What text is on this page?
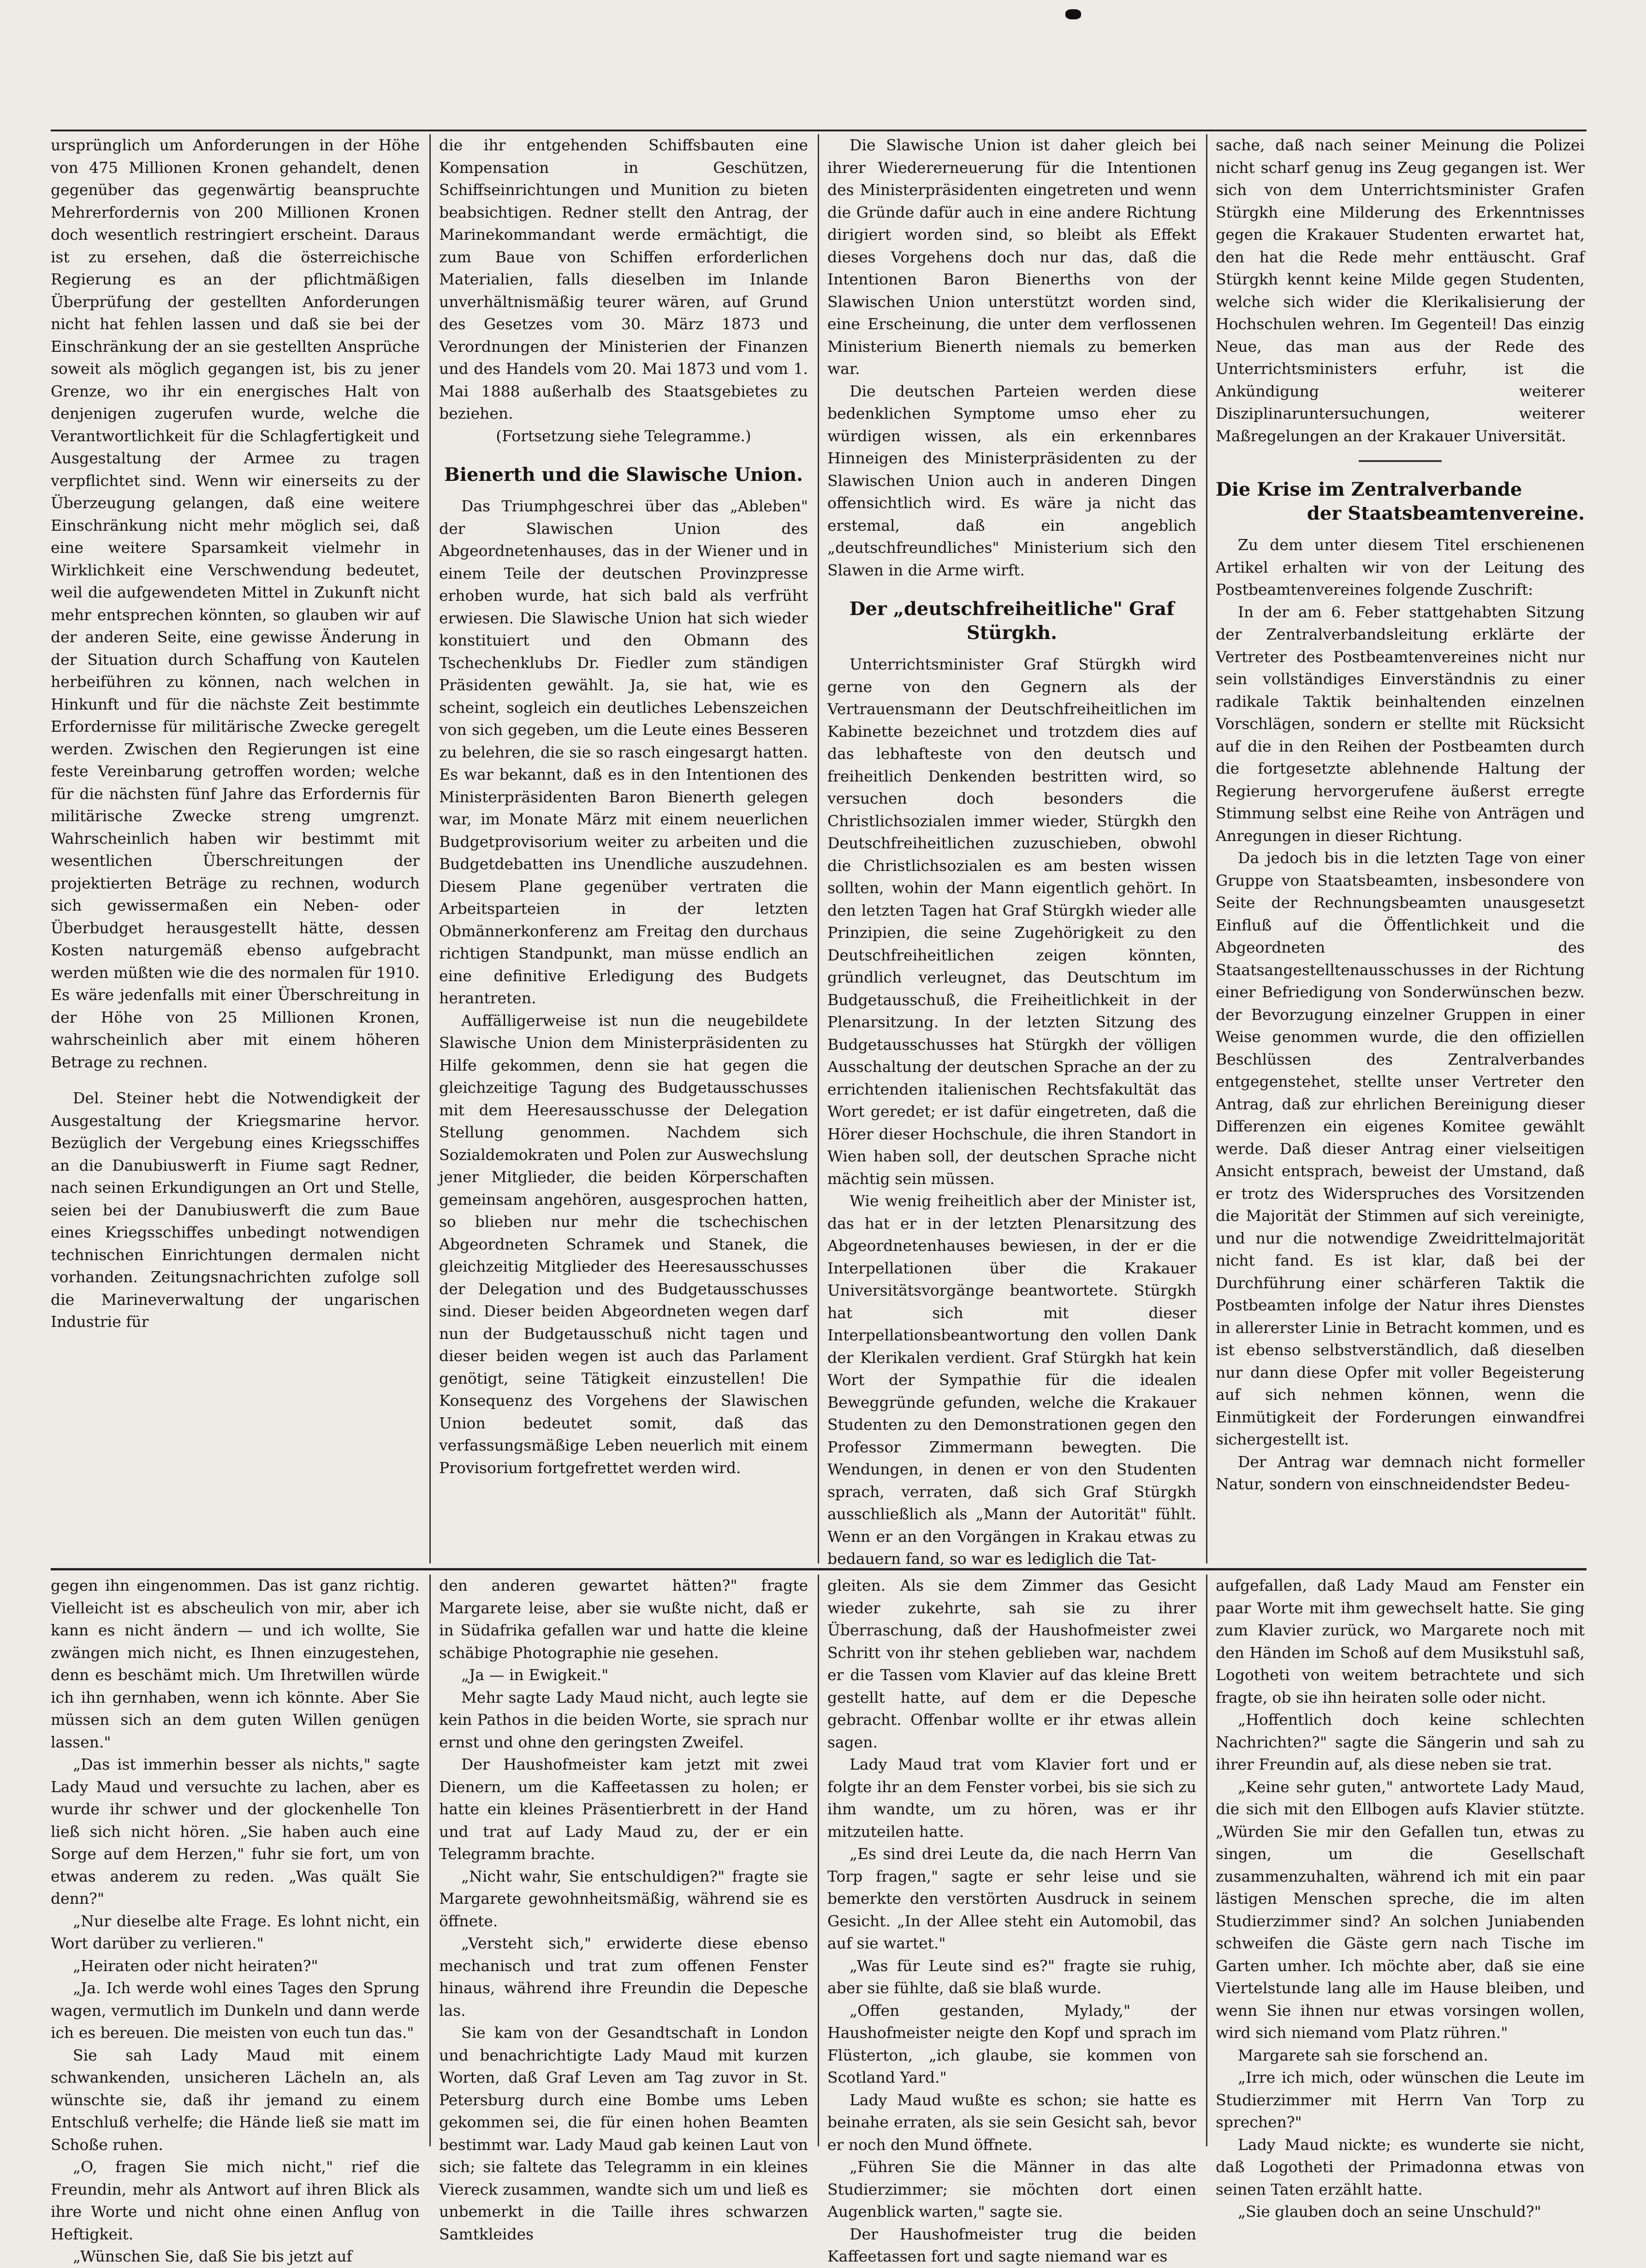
ursprünglich um Anforderungen in der Höhe von 475 Millionen Kronen gehandelt, denen gegenüber das gegenwärtig beanspruchte Mehrerfordernis von 200 Millionen Kronen doch wesentlich restringiert erscheint. Daraus ist zu ersehen, daß die österreichische Regierung es an der pflichtmäßigen Überprüfung der gestellten Anforderungen nicht hat fehlen lassen und daß sie bei der Einschränkung der an sie gestellten Ansprüche soweit als möglich gegangen ist, bis zu jener Grenze, wo ihr ein energisches Halt von denjenigen zugerufen wurde, welche die Verantwortlichkeit für die Schlagfertigkeit und Ausgestaltung der Armee zu tragen verpflichtet sind. Wenn wir einerseits zu der Überzeugung gelangen, daß eine weitere Einschränkung nicht mehr möglich sei, daß eine weitere Sparsamkeit vielmehr in Wirklichkeit eine Verschwendung bedeutet, weil die aufgewendeten Mittel in Zukunft nicht mehr entsprechen könnten, so glauben wir auf der anderen Seite, eine gewisse Änderung in der Situation durch Schaffung von Kautelen herbeiführen zu können, nach welchen in Hinkunft und für die nächste Zeit bestimmte Erfordernisse für militärische Zwecke geregelt werden. Zwischen den Regierungen ist eine feste Vereinbarung getroffen worden; welche für die nächsten fünf Jahre das Erfordernis für militärische Zwecke streng umgrenzt. Wahrscheinlich haben wir bestimmt mit wesentlichen Überschreitungen der projektierten Beträge zu rechnen, wodurch sich gewissermaßen ein Neben- oder Überbudget herausgestellt hätte, dessen Kosten naturgemäß ebenso aufgebracht werden müßten wie die des normalen für 1910. Es wäre jedenfalls mit einer Überschreitung in der Höhe von 25 Millionen Kronen, wahrscheinlich aber mit einem höheren Betrage zu rechnen.

Del. Steiner hebt die Notwendigkeit der Ausgestaltung der Kriegsmarine hervor. Bezüglich der Vergebung eines Kriegsschiffes an die Danubiuswerft in Fiume sagt Redner, nach seinen Erkundigungen an Ort und Stelle, seien bei der Danubiuswerft die zum Baue eines Kriegsschiffes unbedingt notwendigen technischen Einrichtungen dermalen nicht vorhanden. Zeitungsnachrichten zufolge soll die Marineverwaltung der ungarischen Industrie für

die ihr entgehenden Schiffsbauten eine Kompensation in Geschützen, Schiffseinrichtungen und Munition zu bieten beabsichtigen. Redner stellt den Antrag, der Marinekommandant werde ermächtigt, die zum Baue von Schiffen erforderlichen Materialien, falls dieselben im Inlande unverhältnismäßig teurer wären, auf Grund des Gesetzes vom 30. März 1873 und Verordnungen der Ministerien der Finanzen und des Handels vom 20. Mai 1873 und vom 1. Mai 1888 außerhalb des Staatsgebietes zu beziehen.

(Fortsetzung siehe Telegramme.)

Bienerth und die Slawische Union.

Das Triumphgeschrei über das „Ableben" der Slawischen Union des Abgeordnetenhauses, das in der Wiener und in einem Teile der deutschen Provinzpresse erhoben wurde, hat sich bald als verfrüht erwiesen. Die Slawische Union hat sich wieder konstituiert und den Obmann des Tschechenklubs Dr. Fiedler zum ständigen Präsidenten gewählt. Ja, sie hat, wie es scheint, sogleich ein deutliches Lebenszeichen von sich gegeben, um die Leute eines Besseren zu belehren, die sie so rasch eingesargt hatten. Es war bekannt, daß es in den Intentionen des Ministerpräsidenten Baron Bienerth gelegen war, im Monate März mit einem neuerlichen Budgetprovisorium weiter zu arbeiten und die Budgetdebatten ins Unendliche auszudehnen. Diesem Plane gegenüber vertraten die Arbeitsparteien in der letzten Obmännerkonferenz am Freitag den durchaus richtigen Standpunkt, man müsse endlich an eine definitive Erledigung des Budgets herantreten.

Auffälligerweise ist nun die neugebildete Slawische Union dem Ministerpräsidenten zu Hilfe gekommen, denn sie hat gegen die gleichzeitige Tagung des Budgetausschusses mit dem Heeresausschusse der Delegation Stellung genommen. Nachdem sich Sozialdemokraten und Polen zur Auswechslung jener Mitglieder, die beiden Körperschaften gemeinsam angehören, ausgesprochen hatten, so blieben nur mehr die tschechischen Abgeordneten Schramek und Stanek, die gleichzeitig Mitglieder des Heeresausschusses der Delegation und des Budgetausschusses sind. Dieser beiden Abgeordneten wegen darf nun der Budgetausschuß nicht tagen und dieser beiden wegen ist auch das Parlament genötigt, seine Tätigkeit einzustellen! Die Konsequenz des Vorgehens der Slawischen Union bedeutet somit, daß das verfassungsmäßige Leben neuerlich mit einem Provisorium fortgefrettet werden wird.

Die Slawische Union ist daher gleich bei ihrer Wiedererneuerung für die Intentionen des Ministerpräsidenten eingetreten und wenn die Gründe dafür auch in eine andere Richtung dirigiert worden sind, so bleibt als Effekt dieses Vorgehens doch nur das, daß die Intentionen Baron Bienerths von der Slawischen Union unterstützt worden sind, eine Erscheinung, die unter dem verflossenen Ministerium Bienerth niemals zu bemerken war.

Die deutschen Parteien werden diese bedenklichen Symptome umso eher zu würdigen wissen, als ein erkennbares Hinneigen des Ministerpräsidenten zu der Slawischen Union auch in anderen Dingen offensichtlich wird. Es wäre ja nicht das erstemal, daß ein angeblich „deutschfreundliches" Ministerium sich den Slawen in die Arme wirft.

Der „deutschfreiheitliche" Graf Stürgkh.

Unterrichtsminister Graf Stürgkh wird gerne von den Gegnern als der Vertrauensmann der Deutschfreiheitlichen im Kabinette bezeichnet und trotzdem dies auf das lebhafteste von den deutsch und freiheitlich Denkenden bestritten wird, so versuchen doch besonders die Christlichsozialen immer wieder, Stürgkh den Deutschfreiheitlichen zuzuschieben, obwohl die Christlichsozialen es am besten wissen sollten, wohin der Mann eigentlich gehört. In den letzten Tagen hat Graf Stürgkh wieder alle Prinzipien, die seine Zugehörigkeit zu den Deutschfreiheitlichen zeigen könnten, gründlich verleugnet, das Deutschtum im Budgetausschuß, die Freiheitlichkeit in der Plenarsitzung. In der letzten Sitzung des Budgetausschusses hat Stürgkh der völligen Ausschaltung der deutschen Sprache an der zu errichtenden italienischen Rechtsfakultät das Wort geredet; er ist dafür eingetreten, daß die Hörer dieser Hochschule, die ihren Standort in Wien haben soll, der deutschen Sprache nicht mächtig sein müssen.

Wie wenig freiheitlich aber der Minister ist, das hat er in der letzten Plenarsitzung des Abgeordnetenhauses bewiesen, in der er die Interpellationen über die Krakauer Universitätsvorgänge beantwortete. Stürgkh hat sich mit dieser Interpellationsbeantwortung den vollen Dank der Klerikalen verdient. Graf Stürgkh hat kein Wort der Sympathie für die idealen Beweggründe gefunden, welche die Krakauer Studenten zu den Demonstrationen gegen den Professor Zimmermann bewegten. Die Wendungen, in denen er von den Studenten sprach, verraten, daß sich Graf Stürgkh ausschließlich als „Mann der Autorität" fühlt. Wenn er an den Vorgängen in Krakau etwas zu bedauern fand, so war es lediglich die Tat-

sache, daß nach seiner Meinung die Polizei nicht scharf genug ins Zeug gegangen ist. Wer sich von dem Unterrichtsminister Grafen Stürgkh eine Milderung des Erkenntnisses gegen die Krakauer Studenten erwartet hat, den hat die Rede mehr enttäuscht. Graf Stürgkh kennt keine Milde gegen Studenten, welche sich wider die Klerikalisierung der Hochschulen wehren. Im Gegenteil! Das einzig Neue, das man aus der Rede des Unterrichtsministers erfuhr, ist die Ankündigung weiterer Disziplinaruntersuchungen, weiterer Maßregelungen an der Krakauer Universität.

Die Krise im Zentralverbande
der Staatsbeamtenvereine.

Zu dem unter diesem Titel erschienenen Artikel erhalten wir von der Leitung des Postbeamtenvereines folgende Zuschrift:

In der am 6. Feber stattgehabten Sitzung der Zentralverbandsleitung erklärte der Vertreter des Postbeamtenvereines nicht nur sein vollständiges Einverständnis zu einer radikale Taktik beinhaltenden einzelnen Vorschlägen, sondern er stellte mit Rücksicht auf die in den Reihen der Postbeamten durch die fortgesetzte ablehnende Haltung der Regierung hervorgerufene äußerst erregte Stimmung selbst eine Reihe von Anträgen und Anregungen in dieser Richtung.

Da jedoch bis in die letzten Tage von einer Gruppe von Staatsbeamten, insbesondere von Seite der Rechnungsbeamten unausgesetzt Einfluß auf die Öffentlichkeit und die Abgeordneten des Staatsangestelltenausschusses in der Richtung einer Befriedigung von Sonderwünschen bezw. der Bevorzugung einzelner Gruppen in einer Weise genommen wurde, die den offiziellen Beschlüssen des Zentralverbandes entgegenstehet, stellte unser Vertreter den Antrag, daß zur ehrlichen Bereinigung dieser Differenzen ein eigenes Komitee gewählt werde. Daß dieser Antrag einer vielseitigen Ansicht entsprach, beweist der Umstand, daß er trotz des Widerspruches des Vorsitzenden die Majorität der Stimmen auf sich vereinigte, und nur die notwendige Zweidrittelmajorität nicht fand. Es ist klar, daß bei der Durchführung einer schärferen Taktik die Postbeamten infolge der Natur ihres Dienstes in allererster Linie in Betracht kommen, und es ist ebenso selbstverständlich, daß dieselben nur dann diese Opfer mit voller Begeisterung auf sich nehmen können, wenn die Einmütigkeit der Forderungen einwandfrei sichergestellt ist.

Der Antrag war demnach nicht formeller Natur, sondern von einschneidendster Bedeu-

gegen ihn eingenommen. Das ist ganz richtig. Vielleicht ist es abscheulich von mir, aber ich kann es nicht ändern — und ich wollte, Sie zwängen mich nicht, es Ihnen einzugestehen, denn es beschämt mich. Um Ihretwillen würde ich ihn gernhaben, wenn ich könnte. Aber Sie müssen sich an dem guten Willen genügen lassen."

„Das ist immerhin besser als nichts," sagte Lady Maud und versuchte zu lachen, aber es wurde ihr schwer und der glockenhelle Ton ließ sich nicht hören. „Sie haben auch eine Sorge auf dem Herzen," fuhr sie fort, um von etwas anderem zu reden. „Was quält Sie denn?"

„Nur dieselbe alte Frage. Es lohnt nicht, ein Wort darüber zu verlieren."

„Heiraten oder nicht heiraten?"

„Ja. Ich werde wohl eines Tages den Sprung wagen, vermutlich im Dunkeln und dann werde ich es bereuen. Die meisten von euch tun das."

Sie sah Lady Maud mit einem schwankenden, unsicheren Lächeln an, als wünschte sie, daß ihr jemand zu einem Entschluß verhelfe; die Hände ließ sie matt im Schoße ruhen.

„O, fragen Sie mich nicht," rief die Freundin, mehr als Antwort auf ihren Blick als ihre Worte und nicht ohne einen Anflug von Heftigkeit.

„Wünschen Sie, daß Sie bis jetzt auf

den anderen gewartet hätten?" fragte Margarete leise, aber sie wußte nicht, daß er in Südafrika gefallen war und hatte die kleine schäbige Photographie nie gesehen.

„Ja — in Ewigkeit."

Mehr sagte Lady Maud nicht, auch legte sie kein Pathos in die beiden Worte, sie sprach nur ernst und ohne den geringsten Zweifel.

Der Haushofmeister kam jetzt mit zwei Dienern, um die Kaffeetassen zu holen; er hatte ein kleines Präsentierbrett in der Hand und trat auf Lady Maud zu, der er ein Telegramm brachte.

„Nicht wahr, Sie entschuldigen?" fragte sie Margarete gewohnheitsmäßig, während sie es öffnete.

„Versteht sich," erwiderte diese ebenso mechanisch und trat zum offenen Fenster hinaus, während ihre Freundin die Depesche las.

Sie kam von der Gesandtschaft in London und benachrichtigte Lady Maud mit kurzen Worten, daß Graf Leven am Tag zuvor in St. Petersburg durch eine Bombe ums Leben gekommen sei, die für einen hohen Beamten bestimmt war. Lady Maud gab keinen Laut von sich; sie faltete das Telegramm in ein kleines Viereck zusammen, wandte sich um und ließ es unbemerkt in die Taille ihres schwarzen Samtkleides

gleiten. Als sie dem Zimmer das Gesicht wieder zukehrte, sah sie zu ihrer Überraschung, daß der Haushofmeister zwei Schritt von ihr stehen geblieben war, nachdem er die Tassen vom Klavier auf das kleine Brett gestellt hatte, auf dem er die Depesche gebracht. Offenbar wollte er ihr etwas allein sagen.

Lady Maud trat vom Klavier fort und er folgte ihr an dem Fenster vorbei, bis sie sich zu ihm wandte, um zu hören, was er ihr mitzuteilen hatte.

„Es sind drei Leute da, die nach Herrn Van Torp fragen," sagte er sehr leise und sie bemerkte den verstörten Ausdruck in seinem Gesicht. „In der Allee steht ein Automobil, das auf sie wartet."

„Was für Leute sind es?" fragte sie ruhig, aber sie fühlte, daß sie blaß wurde.

„Offen gestanden, Mylady," der Haushofmeister neigte den Kopf und sprach im Flüsterton, „ich glaube, sie kommen von Scotland Yard."

Lady Maud wußte es schon; sie hatte es beinahe erraten, als sie sein Gesicht sah, bevor er noch den Mund öffnete.

„Führen Sie die Männer in das alte Studierzimmer; sie möchten dort einen Augenblick warten," sagte sie.

Der Haushofmeister trug die beiden Kaffeetassen fort und sagte niemand war es

aufgefallen, daß Lady Maud am Fenster ein paar Worte mit ihm gewechselt hatte. Sie ging zum Klavier zurück, wo Margarete noch mit den Händen im Schoß auf dem Musikstuhl saß, Logotheti von weitem betrachtete und sich fragte, ob sie ihn heiraten solle oder nicht.

„Hoffentlich doch keine schlechten Nachrichten?" sagte die Sängerin und sah zu ihrer Freundin auf, als diese neben sie trat.

„Keine sehr guten," antwortete Lady Maud, die sich mit den Ellbogen aufs Klavier stützte. „Würden Sie mir den Gefallen tun, etwas zu singen, um die Gesellschaft zusammenzuhalten, während ich mit ein paar lästigen Menschen spreche, die im alten Studierzimmer sind? An solchen Juniabenden schweifen die Gäste gern nach Tische im Garten umher. Ich möchte aber, daß sie eine Viertelstunde lang alle im Hause bleiben, und wenn Sie ihnen nur etwas vorsingen wollen, wird sich niemand vom Platz rühren."

Margarete sah sie forschend an.

„Irre ich mich, oder wünschen die Leute im Studierzimmer mit Herrn Van Torp zu sprechen?"

Lady Maud nickte; es wunderte sie nicht, daß Logotheti der Primadonna etwas von seinen Taten erzählt hatte.

„Sie glauben doch an seine Unschuld?"
